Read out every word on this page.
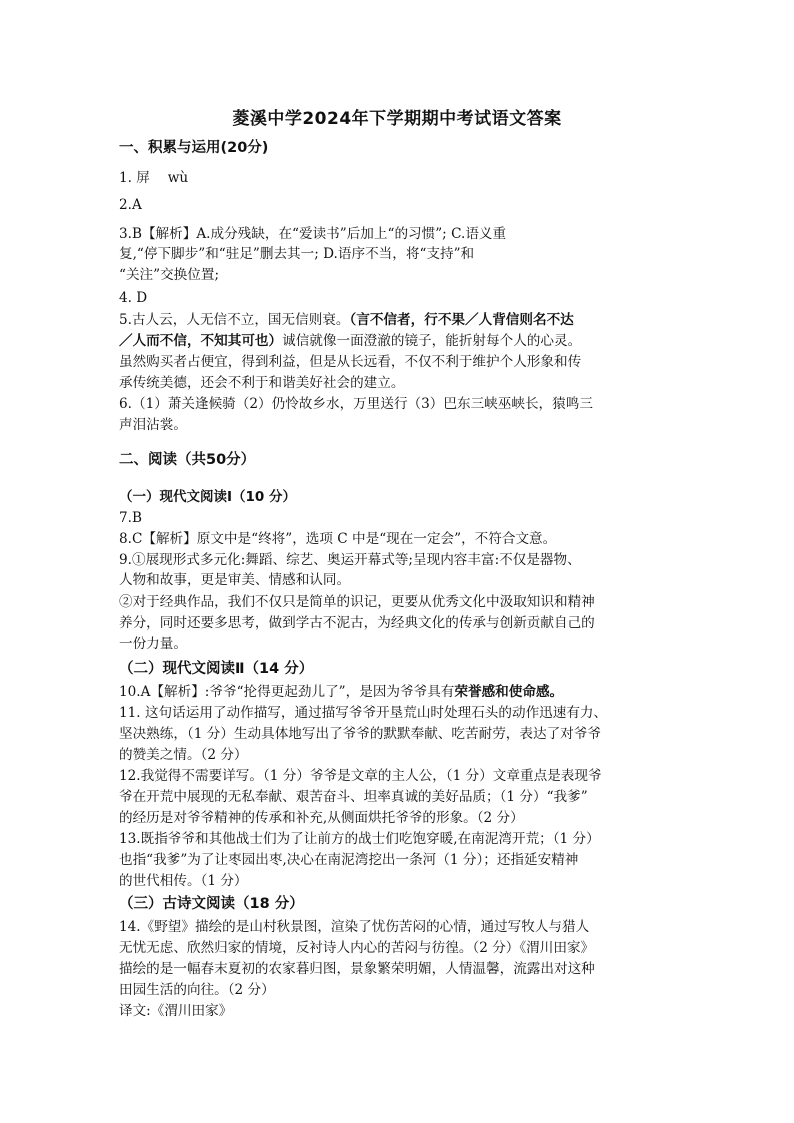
菱溪中学2024年下学期期中考试语文答案
一、积累与运用(20分)
1. 屏　 wù
2.A
3.B【解析】A.成分残缺，在“爱读书”后加上“的习惯”; C.语义重
复,“停下脚步”和“驻足”删去其一; D.语序不当，将“支持”和
“关注”交换位置;
4. D
5.古人云，人无信不立，国无信则衰。（言不信者，行不果／人背信则名不达
／人而不信，不知其可也）诚信就像一面澄澈的镜子，能折射每个人的心灵。
虽然购买者占便宜，得到利益，但是从长远看，不仅不利于维护个人形象和传
承传统美德，还会不利于和谐美好社会的建立。
6.（1）萧关逢候骑（2）仍怜故乡水，万里送行（3）巴东三峡巫峡长，猿鸣三
声泪沾裳。
二、阅读（共50分）
（一）现代文阅读Ⅰ（10 分）
7.B
8.C【解析】原文中是“终将”，选项 C 中是“现在一定会”，不符合文意。
9.①展现形式多元化:舞蹈、综艺、奥运开幕式等;呈现内容丰富:不仅是器物、
人物和故事，更是审美、情感和认同。
②对于经典作品，我们不仅只是简单的识记，更要从优秀文化中汲取知识和精神
养分，同时还要多思考，做到学古不泥古，为经典文化的传承与创新贡献自己的
一份力量。
（二）现代文阅读Ⅱ（14 分）
10.A【解析】:爷爷“抡得更起劲儿了”，是因为爷爷具有荣誉感和使命感。
11. 这句话运用了动作描写，通过描写爷爷开垦荒山时处理石头的动作迅速有力、
坚决熟练，（1 分）生动具体地写出了爷爷的默默奉献、吃苦耐劳，表达了对爷爷
的赞美之情。（2 分）
12.我觉得不需要详写。（1 分）爷爷是文章的主人公，（1 分）文章重点是表现爷
爷在开荒中展现的无私奉献、艰苦奋斗、坦率真诚的美好品质；（1 分）“我爹”
的经历是对爷爷精神的传承和补充,从侧面烘托爷爷的形象。（2 分）
13.既指爷爷和其他战士们为了让前方的战士们吃饱穿暖,在南泥湾开荒；（1 分）
也指“我爹”为了让枣园出枣,决心在南泥湾挖出一条河（1 分）；还指延安精神
的世代相传。（1 分）
（三）古诗文阅读（18 分）
14.《野望》描绘的是山村秋景图，渲染了忧伤苦闷的心情，通过写牧人与猎人
无忧无虑、欣然归家的情境，反衬诗人内心的苦闷与彷徨。（2 分）《渭川田家》
描绘的是一幅春末夏初的农家暮归图，景象繁荣明媚，人情温馨，流露出对这种
田园生活的向往。（2 分）
译文:《渭川田家》
